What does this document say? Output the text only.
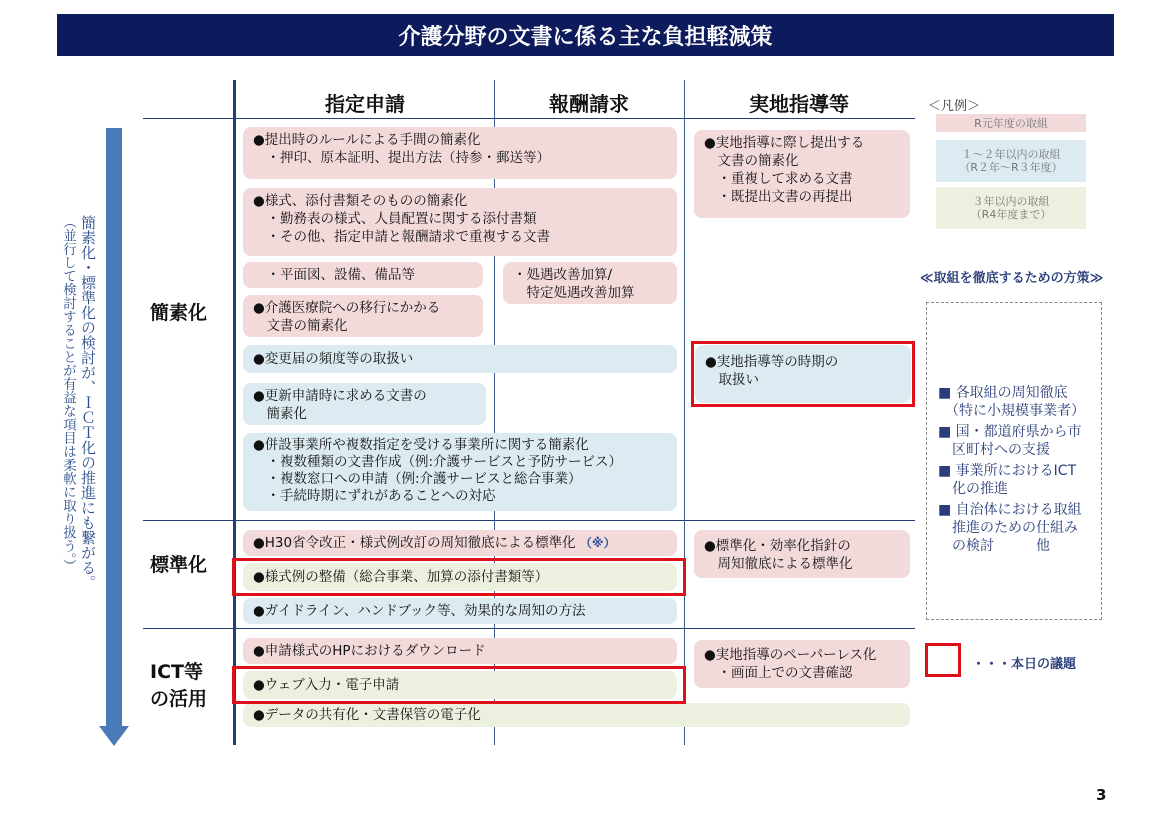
介護分野の文書に係る主な負担軽減策
指定申請	報酬請求	実地指導等
簡素化
標準化
ICT等
の活用
簡素化・標準化の検討が、ＩＣＴ化の推進にも繋がる。
（並行して検討することが有益な項目は柔軟に取り扱う。）
●提出時のルールによる手間の簡素化
　・押印、原本証明、提出方法（持参・郵送等）
●様式、添付書類そのものの簡素化
　・勤務表の様式、人員配置に関する添付書類
　・その他、指定申請と報酬請求で重複する文書
　・平面図、設備、備品等	・処遇改善加算/
　特定処遇改善加算
●介護医療院への移行にかかる
　文書の簡素化
●変更届の頻度等の取扱い
●更新申請時に求める文書の
　簡素化
●併設事業所や複数指定を受ける事業所に関する簡素化
　・複数種類の文書作成（例:介護サービスと予防サービス）
　・複数窓口への申請（例:介護サービスと総合事業）
　・手続時期にずれがあることへの対応
●実地指導に際し提出する
　文書の簡素化
　・重複して求める文書
　・既提出文書の再提出
●実地指導等の時期の
　取扱い
●H30省令改正・様式例改訂の周知徹底による標準化 （※）
●様式例の整備（総合事業、加算の添付書類等）
●ガイドライン、ハンドブック等、効果的な周知の方法
●標準化・効率化指針の
　周知徹底による標準化
●申請様式のHPにおけるダウンロード
●ウェブ入力・電子申請
●データの共有化・文書保管の電子化
●実地指導のペーパーレス化
　・画面上での文書確認
＜凡例＞
R元年度の取組
１～２年以内の取組
（R２年～R３年度）
３年以内の取組
（R4年度まで）
≪取組を徹底するための方策≫
■ 各取組の周知徹底
　（特に小規模事業者）
■ 国・都道府県から市
　区町村への支援
■ 事業所におけるICT
　化の推進
■ 自治体における取組
　推進のための仕組み
　の検討　　　他
・・・本日の議題
3
